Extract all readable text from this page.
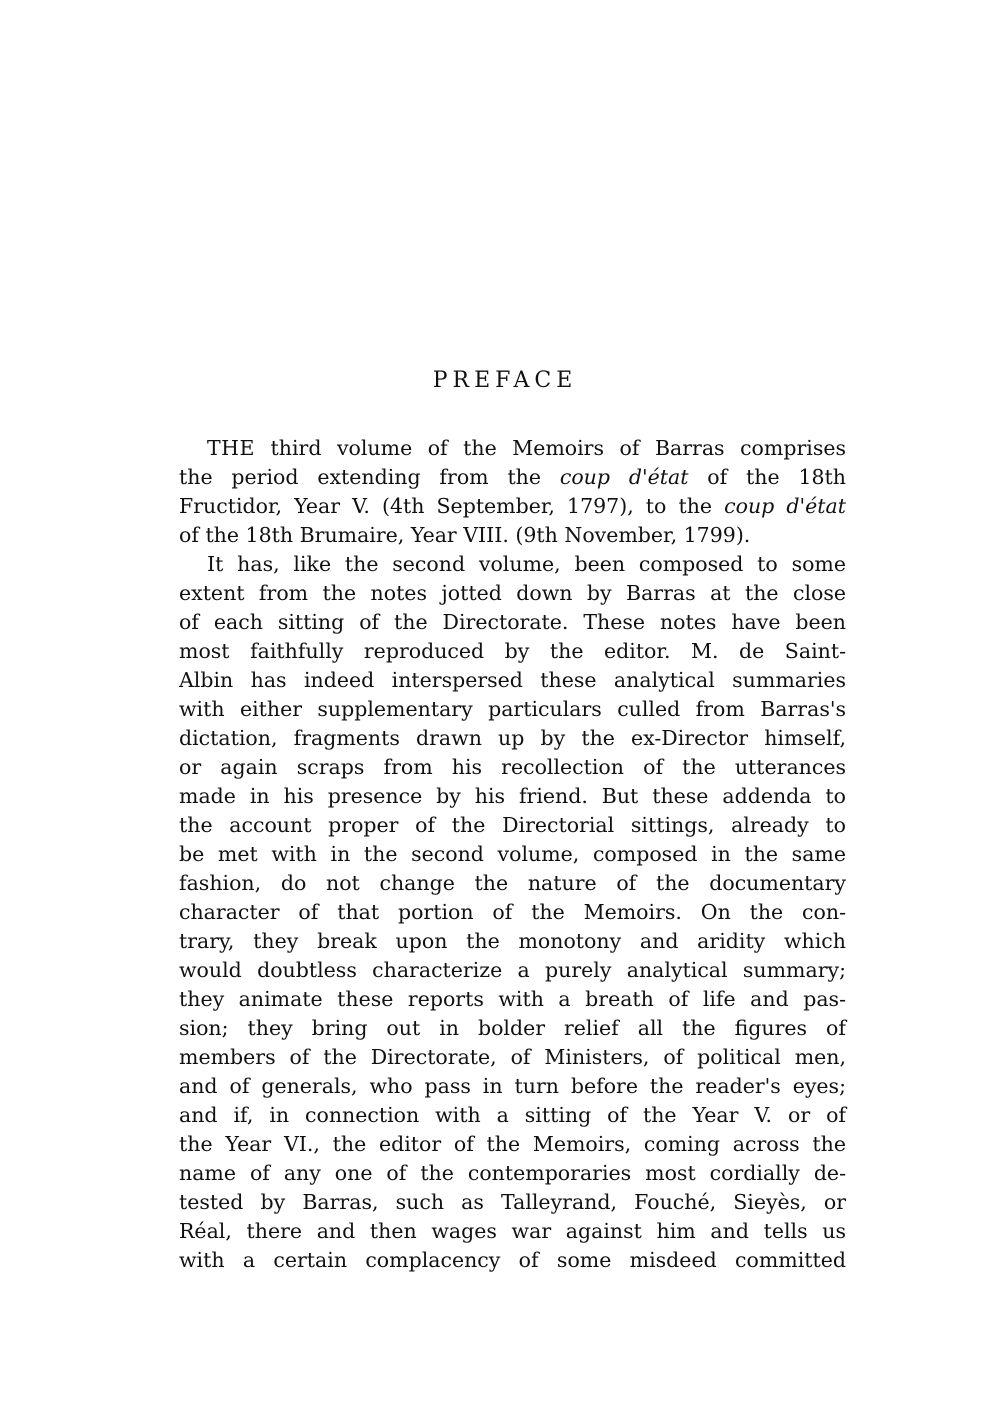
PREFACE
THE third volume of the Memoirs of Barras comprises
the period extending from the coup d'état of the 18th
Fructidor, Year V. (4th September, 1797), to the coup d'état
of the 18th Brumaire, Year VIII. (9th November, 1799).
It has, like the second volume, been composed to some
extent from the notes jotted down by Barras at the close
of each sitting of the Directorate. These notes have been
most faithfully reproduced by the editor. M. de Saint-
Albin has indeed interspersed these analytical summaries
with either supplementary particulars culled from Barras's
dictation, fragments drawn up by the ex-Director himself,
or again scraps from his recollection of the utterances
made in his presence by his friend. But these addenda to
the account proper of the Directorial sittings, already to
be met with in the second volume, composed in the same
fashion, do not change the nature of the documentary
character of that portion of the Memoirs. On the con-
trary, they break upon the monotony and aridity which
would doubtless characterize a purely analytical summary;
they animate these reports with a breath of life and pas-
sion; they bring out in bolder relief all the figures of
members of the Directorate, of Ministers, of political men,
and of generals, who pass in turn before the reader's eyes;
and if, in connection with a sitting of the Year V. or of
the Year VI., the editor of the Memoirs, coming across the
name of any one of the contemporaries most cordially de-
tested by Barras, such as Talleyrand, Fouché, Sieyès, or
Réal, there and then wages war against him and tells us
with a certain complacency of some misdeed committed
